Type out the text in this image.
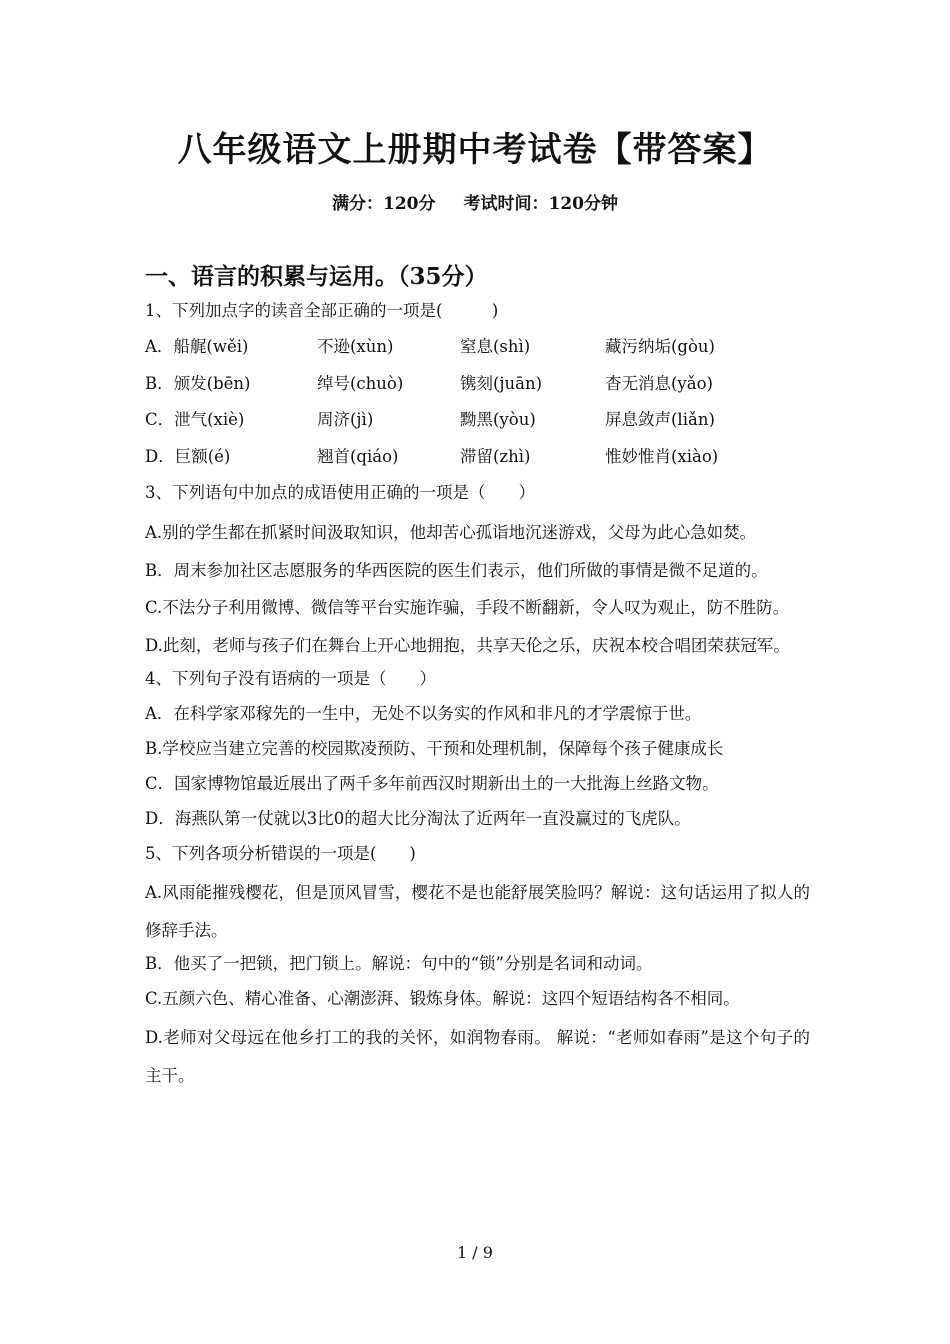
八年级语文上册期中考试卷【带答案】
满分：120分 考试时间：120分钟
一、语言的积累与运用。（35分）
1、下列加点字的读音全部正确的一项是(　　　)
A．船艉(wěi)	不逊(xùn)	窒息(shì)	藏污纳垢(gòu)
B．颁发(bēn)	绰号(chuò)	镌刻(juān)	杳无消息(yǎo)
C．泄气(xiè)	周济(jì)	黝黑(yòu)	屏息敛声(liǎn)
D．巨额(é)	翘首(qiáo)	滞留(zhì)	惟妙惟肖(xiào)
3、下列语句中加点的成语使用正确的一项是（　　）
A.别的学生都在抓紧时间汲取知识，他却苦心孤诣地沉迷游戏，父母为此心急如焚。
B．周末参加社区志愿服务的华西医院的医生们表示，他们所做的事情是微不足道的。
C.不法分子利用微博、微信等平台实施诈骗，手段不断翻新，令人叹为观止，防不胜防。
D.此刻，老师与孩子们在舞台上开心地拥抱，共享天伦之乐，庆祝本校合唱团荣获冠军。
4、下列句子没有语病的一项是（　　）
A．在科学家邓稼先的一生中，无处不以务实的作风和非凡的才学震惊于世。
B.学校应当建立完善的校园欺凌预防、干预和处理机制，保障每个孩子健康成长
C．国家博物馆最近展出了两千多年前西汉时期新出土的一大批海上丝路文物。
D．海燕队第一仗就以3比0的超大比分淘汰了近两年一直没赢过的飞虎队。
5、下列各项分析错误的一项是(　　)
A.风雨能摧残樱花，但是顶风冒雪，樱花不是也能舒展笑脸吗？解说：这句话运用了拟人的修辞手法。
B．他买了一把锁，把门锁上。解说：句中的“锁”分别是名词和动词。
C.五颜六色、精心准备、心潮澎湃、锻炼身体。解说：这四个短语结构各不相同。
D.老师对父母远在他乡打工的我的关怀，如润物春雨。 解说：“老师如春雨”是这个句子的主干。
1 / 9
